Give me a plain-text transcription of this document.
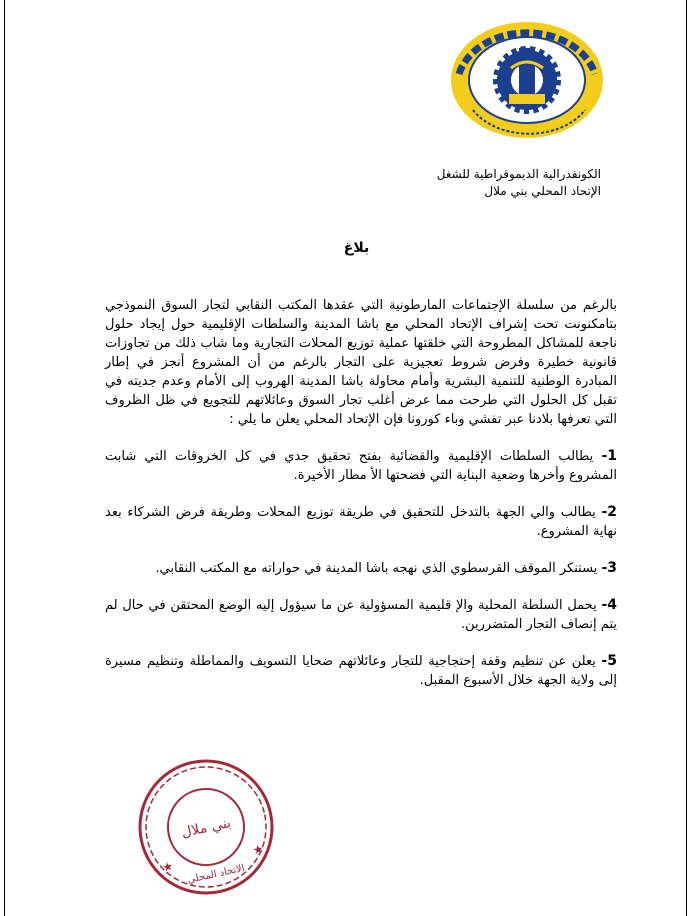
الكونفدرالية الديموقراطية للشغل
الإتحاد المحلي بني ملال
بلاغ

بالرغم من سلسلة الإجتماعات المارطونية التي عقدها المكتب النقابي لتجار السوق النموذجي بتامكنونت تحت إشراف الإتحاد المحلي مع باشا المدينة والسلطات الإقليمية حول إيجاد حلول ناجعة للمشاكل المطروحة التي خلقتها عملية توزيع المحلات التجارية وما شاب ذلك من تجاوزات قانونية خطيرة وفرض شروط تعجيزية على التجار بالرغم من أن المشروع أنجز في إطار المبادرة الوطنية للتنمية البشرية وأمام محاولة باشا المدينة الهروب إلى الأمام وعدم جديته في تقبل كل الحلول التي طرحت مما عرض أغلب تجار السوق وعائلاتهم للتجويع في ظل الظروف التي تعرفها بلادنا عبر تفشي وباء كورونا فإن الإتحاد المحلي يعلن ما يلي :

1- يطالب السلطات الإقليمية والقضائية بفتح تحقيق جدي في كل الخروقات التي شابت المشروع وأخرها وضعية البناية التي فضحتها الأ مطار الأخيرة.

2- يطالب والي الجهة بالتدخل للتحقيق في طريقة توزيع المحلات وطريقة فرض الشركاء بعد نهاية المشروع.

3- يستنكر الموقف القرسطوي الذي نهجه باشا المدينة في حواراته مع المكتب النقابي.

4- يحمل السلطة المحلية والإ قليمية المسؤولية عن ما سيؤول إليه الوضع المحتقن في حال لم يتم إنصاف التجار المتضررين.

5- يعلن عن تنظيم وقفة إحتجاجية للتجار وعائلاتهم ضحايا التسويف والمماطلة وتنظيم مسيرة إلى ولاية الجهة خلال الأسبوع المقبل.

بني ملال
الاتحاد المحلي
★
★
